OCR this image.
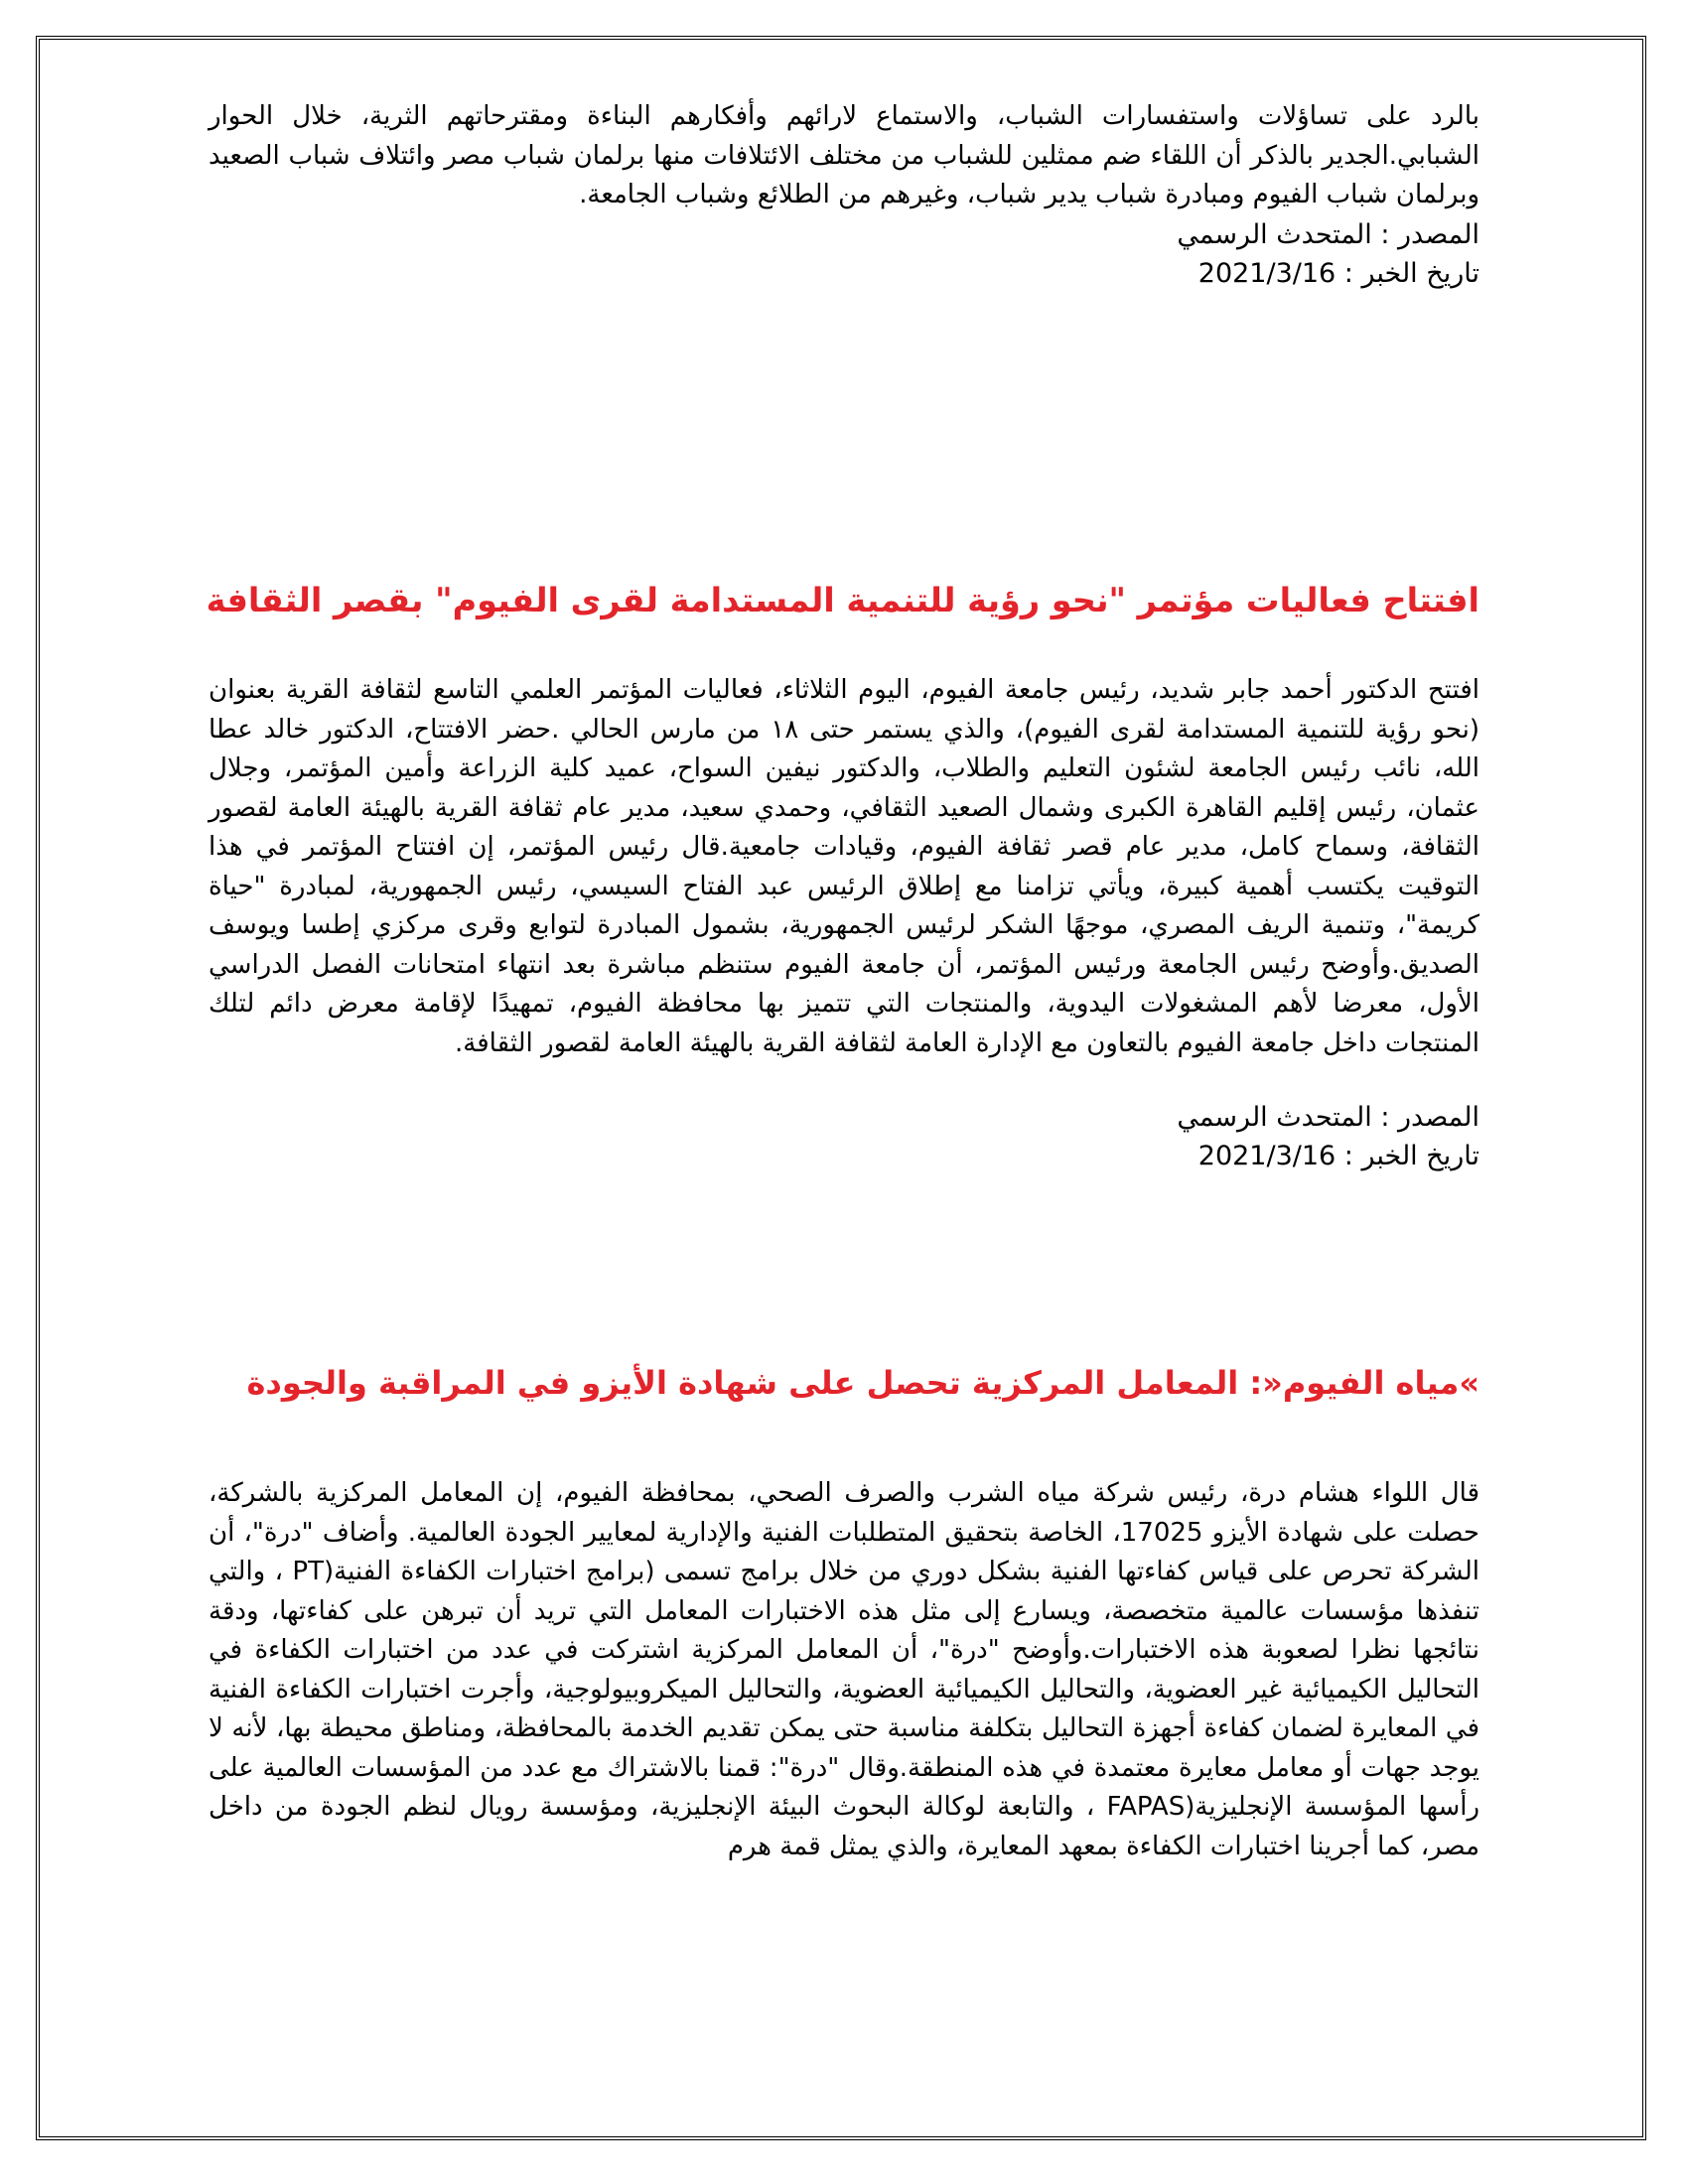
بالرد على تساؤلات واستفسارات الشباب، والاستماع لارائهم وأفكارهم البناءة ومقترحاتهم الثرية، خلال الحوار الشبابي.الجدير بالذكر أن اللقاء ضم ممثلين للشباب من مختلف الائتلافات منها برلمان شباب مصر وائتلاف شباب الصعيد وبرلمان شباب الفيوم ومبادرة شباب يدير شباب، وغيرهم من الطلائع وشباب الجامعة.

المصدر : المتحدث الرسمي

تاريخ الخبر : 2021/3/16

افتتاح فعاليات مؤتمر "نحو رؤية للتنمية المستدامة لقرى الفيوم" بقصر الثقافة

افتتح الدكتور أحمد جابر شديد، رئيس جامعة الفيوم، اليوم الثلاثاء، فعاليات المؤتمر العلمي التاسع لثقافة القرية بعنوان (نحو رؤية للتنمية المستدامة لقرى الفيوم)، والذي يستمر حتى ١٨ من مارس الحالي .حضر الافتتاح، الدكتور خالد عطا الله، نائب رئيس الجامعة لشئون التعليم والطلاب، والدكتور نيفين السواح، عميد كلية الزراعة وأمين المؤتمر، وجلال عثمان، رئيس إقليم القاهرة الكبرى وشمال الصعيد الثقافي، وحمدي سعيد، مدير عام ثقافة القرية بالهيئة العامة لقصور الثقافة، وسماح كامل، مدير عام قصر ثقافة الفيوم، وقيادات جامعية.قال رئيس المؤتمر، إن افتتاح المؤتمر في هذا التوقيت يكتسب أهمية كبيرة، ويأتي تزامنا مع إطلاق الرئيس عبد الفتاح السيسي، رئيس الجمهورية، لمبادرة "حياة كريمة"، وتنمية الريف المصري، موجهًا الشكر لرئيس الجمهورية، بشمول المبادرة لتوابع وقرى مركزي إطسا ويوسف الصديق.وأوضح رئيس الجامعة ورئيس المؤتمر، أن جامعة الفيوم ستنظم مباشرة بعد انتهاء امتحانات الفصل الدراسي الأول، معرضا لأهم المشغولات اليدوية، والمنتجات التي تتميز بها محافظة الفيوم، تمهيدًا لإقامة معرض دائم لتلك المنتجات داخل جامعة الفيوم بالتعاون مع الإدارة العامة لثقافة القرية بالهيئة العامة لقصور الثقافة.

المصدر : المتحدث الرسمي

تاريخ الخبر : 2021/3/16

»مياه الفيوم«: المعامل المركزية تحصل على شهادة الأيزو في المراقبة والجودة

قال اللواء هشام درة، رئيس شركة مياه الشرب والصرف الصحي، بمحافظة الفيوم، إن المعامل المركزية بالشركة، حصلت على شهادة الأيزو 17025، الخاصة بتحقيق المتطلبات الفنية والإدارية لمعايير الجودة العالمية. وأضاف "درة"، أن الشركة تحرص على قياس كفاءتها الفنية بشكل دوري من خلال برامج تسمى (برامج اختبارات الكفاءة الفنية(PT ، والتي تنفذها مؤسسات عالمية متخصصة، ويسارع إلى مثل هذه الاختبارات المعامل التي تريد أن تبرهن على كفاءتها، ودقة نتائجها نظرا لصعوبة هذه الاختبارات.وأوضح "درة"، أن المعامل المركزية اشتركت في عدد من اختبارات الكفاءة في التحاليل الكيميائية غير العضوية، والتحاليل الكيميائية العضوية، والتحاليل الميكروبيولوجية، وأجرت اختبارات الكفاءة الفنية في المعايرة لضمان كفاءة أجهزة التحاليل بتكلفة مناسبة حتى يمكن تقديم الخدمة بالمحافظة، ومناطق محيطة بها، لأنه لا يوجد جهات أو معامل معايرة معتمدة في هذه المنطقة.وقال "درة": قمنا بالاشتراك مع عدد من المؤسسات العالمية على رأسها المؤسسة الإنجليزية(FAPAS ، والتابعة لوكالة البحوث البيئة الإنجليزية، ومؤسسة رويال لنظم الجودة من داخل مصر، كما أجرينا اختبارات الكفاءة بمعهد المعايرة، والذي يمثل قمة هرم
